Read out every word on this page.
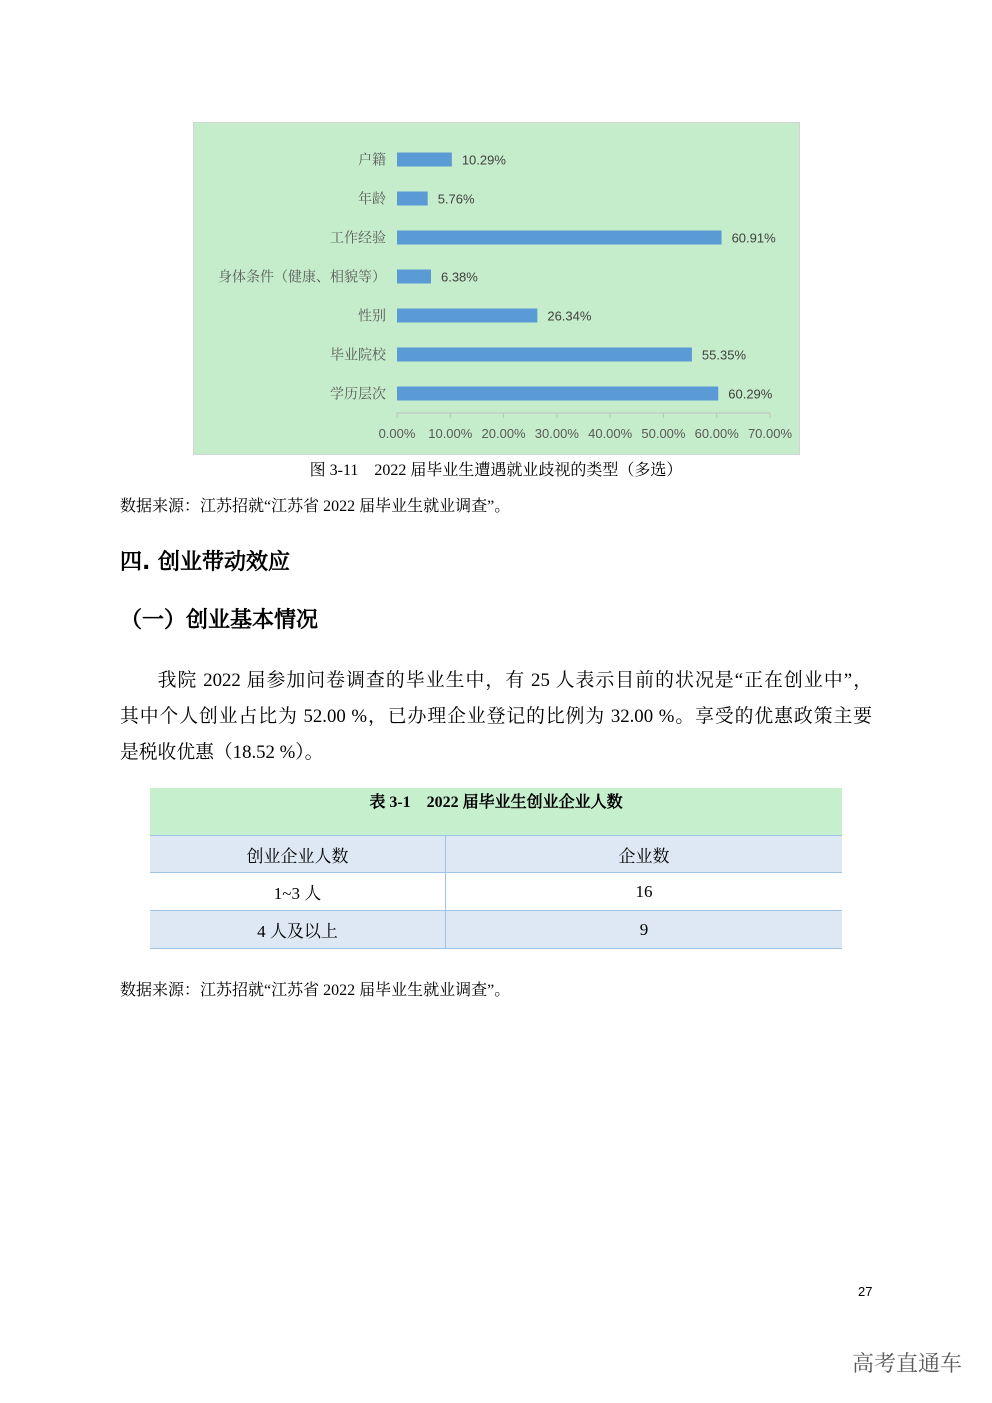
户籍	10.29%
年龄	5.76%
工作经验	60.91%
身体条件（健康、相貌等）	6.38%
性别	26.34%
毕业院校	55.35%
学历层次	60.29%
0.00% 10.00% 20.00% 30.00% 40.00% 50.00% 60.00% 70.00%
图 3-11　2022 届毕业生遭遇就业歧视的类型（多选）
数据来源：江苏招就“江苏省 2022 届毕业生就业调查”。
四. 创业带动效应
（一）创业基本情况
我院 2022 届参加问卷调查的毕业生中，有 25 人表示目前的状况是“正在创业中”，
其中个人创业占比为 52.00 %，已办理企业登记的比例为 32.00 %。享受的优惠政策主要
是税收优惠（18.52 %）。
表 3-1　2022 届毕业生创业企业人数
创业企业人数	企业数
1~3 人	16
4 人及以上	9
数据来源：江苏招就“江苏省 2022 届毕业生就业调查”。
27
高考直通车
